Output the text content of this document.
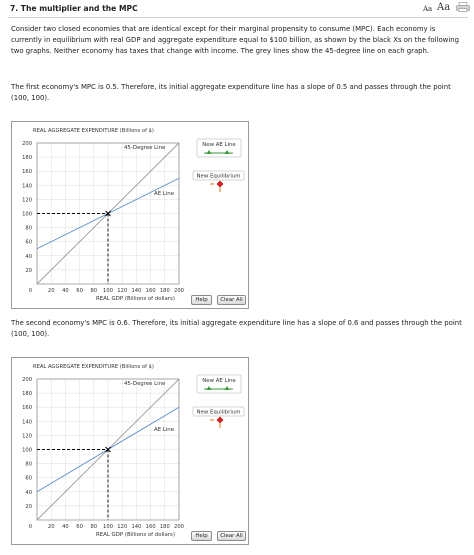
7. The multiplier and the MPC	Aa Aa
Consider two closed economies that are identical except for their marginal propensity to consume (MPC). Each economy is currently in equilibrium with real GDP and aggregate expenditure equal to $100 billion, as shown by the black Xs on the following two graphs. Neither economy has taxes that change with income. The grey lines show the 45-degree line on each graph.
The first economy's MPC is 0.5. Therefore, its initial aggregate expenditure line has a slope of 0.5 and passes through the point (100, 100).
REAL AGGREGATE EXPENDITURE (Billions of $)
20
40
60
80
100
120
140
160
180
200
0	20 40 60 80 100 120 140 160 180 200
REAL GDP (Billions of dollars)
45-Degree Line
AE Line
New AE Line
New Equilibrium
Help	Clear All
The second economy's MPC is 0.6. Therefore, its initial aggregate expenditure line has a slope of 0.6 and passes through the point (100, 100).
REAL AGGREGATE EXPENDITURE (Billions of $)
20
40
60
80
100
120
140
160
180
200
0	20 40 60 80 100 120 140 160 180 200
REAL GDP (Billions of dollars)
45-Degree Line
AE Line
New AE Line
New Equilibrium
Help	Clear All
